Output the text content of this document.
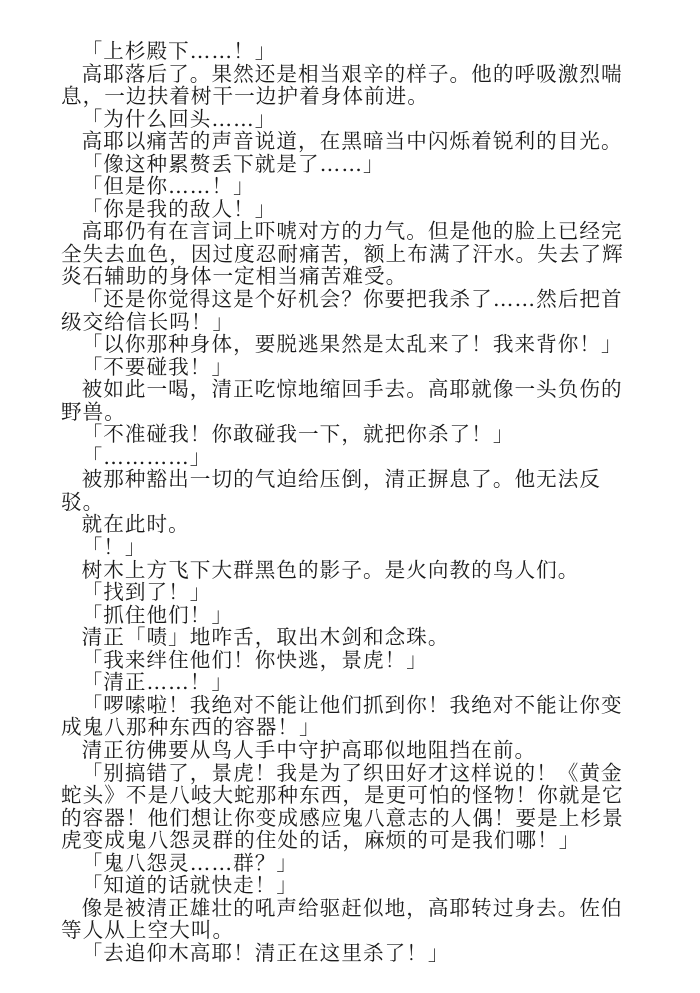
「上杉殿下……！」

高耶落后了。果然还是相当艰辛的样子。他的呼吸激烈喘息，一边扶着树干一边护着身体前进。

「为什么回头……」

高耶以痛苦的声音说道，在黑暗当中闪烁着锐利的目光。

「像这种累赘丢下就是了……」

「但是你……！」

「你是我的敌人！」

高耶仍有在言词上吓唬对方的力气。但是他的脸上已经完全失去血色，因过度忍耐痛苦，额上布满了汗水。失去了辉炎石辅助的身体一定相当痛苦难受。

「还是你觉得这是个好机会？你要把我杀了……然后把首级交给信长吗！」

「以你那种身体，要脱逃果然是太乱来了！我来背你！」

「不要碰我！」

被如此一喝，清正吃惊地缩回手去。高耶就像一头负伤的野兽。

「不准碰我！你敢碰我一下，就把你杀了！」

「…………」

被那种豁出一切的气迫给压倒，清正摒息了。他无法反驳。

就在此时。

「！」

树木上方飞下大群黑色的影子。是火向教的鸟人们。

「找到了！」

「抓住他们！」

清正「啧」地咋舌，取出木剑和念珠。

「我来绊住他们！你快逃，景虎！」

「清正……！」

「啰嗦啦！我绝对不能让他们抓到你！我绝对不能让你变成鬼八那种东西的容器！」

清正彷佛要从鸟人手中守护高耶似地阻挡在前。

「别搞错了，景虎！我是为了织田好才这样说的！《黄金蛇头》不是八岐大蛇那种东西，是更可怕的怪物！你就是它的容器！他们想让你变成感应鬼八意志的人偶！要是上杉景虎变成鬼八怨灵群的住处的话，麻烦的可是我们哪！」

「鬼八怨灵……群？」

「知道的话就快走！」

像是被清正雄壮的吼声给驱赶似地，高耶转过身去。佐伯等人从上空大叫。

「去追仰木高耶！清正在这里杀了！」
